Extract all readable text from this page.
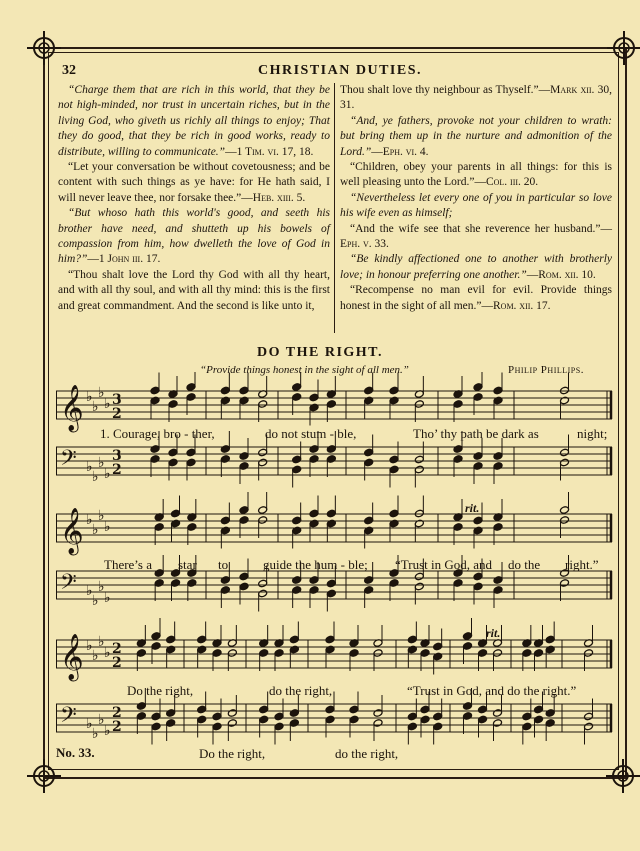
32	CHRISTIAN DUTIES.

“Charge them that are rich in this world, that they be not high-minded, nor trust in uncertain riches, but in the living God, who giveth us richly all things to enjoy; That they do good, that they be rich in good works, ready to distribute, willing to communicate.”—1 Tim. vi. 17, 18.

“Let your conversation be without covetousness; and be content with such things as ye have: for He hath said, I will never leave thee, nor forsake thee.”—Heb. xiii. 5.

“But whoso hath this world's good, and seeth his brother have need, and shutteth up his bowels of compassion from him, how dwelleth the love of God in him?”—1 John iii. 17.

“Thou shalt love the Lord thy God with all thy heart, and with all thy soul, and with all thy mind: this is the first and great commandment. And the second is like unto it,

Thou shalt love thy neighbour as Thyself.”—Mark xii. 30, 31.

“And, ye fathers, provoke not your children to wrath: but bring them up in the nurture and admonition of the Lord.”—Eph. vi. 4.

“Children, obey your parents in all things: for this is well pleasing unto the Lord.”—Col. iii. 20.

“Nevertheless let every one of you in particular so love his wife even as himself;

“And the wife see that she reverence her husband.”—Eph. v. 33.

“Be kindly affectioned one to another with brotherly love; in honour preferring one another.”—Rom. xii. 10.

“Recompense no man evil for evil. Provide things honest in the sight of all men.”—Rom. xii. 17.

DO THE RIGHT.
“Provide things honest in the sight of all men.”	Philip Phillips.
𝄞 ♭
♭
♭
♭ 3
2
𝄢 ♭
♭
♭
♭
3
2
𝄞 ♭
♭
♭
♭
𝄢 ♭
♭
♭
♭
𝄞 ♭
♭
♭
♭ 2
2
𝄢 ♭
♭
♭
♭
2
2
rit.
rit.
1. Courage, bro - ther,	do not stum - ble,	Tho’ thy path be dark as	night;
There’s a star to	guide the hum - ble; “Trust in God, and do the right.”
Do the right,	do the right,	“Trust in God, and do the right.”
Do the right,	do the right,
No. 33.
